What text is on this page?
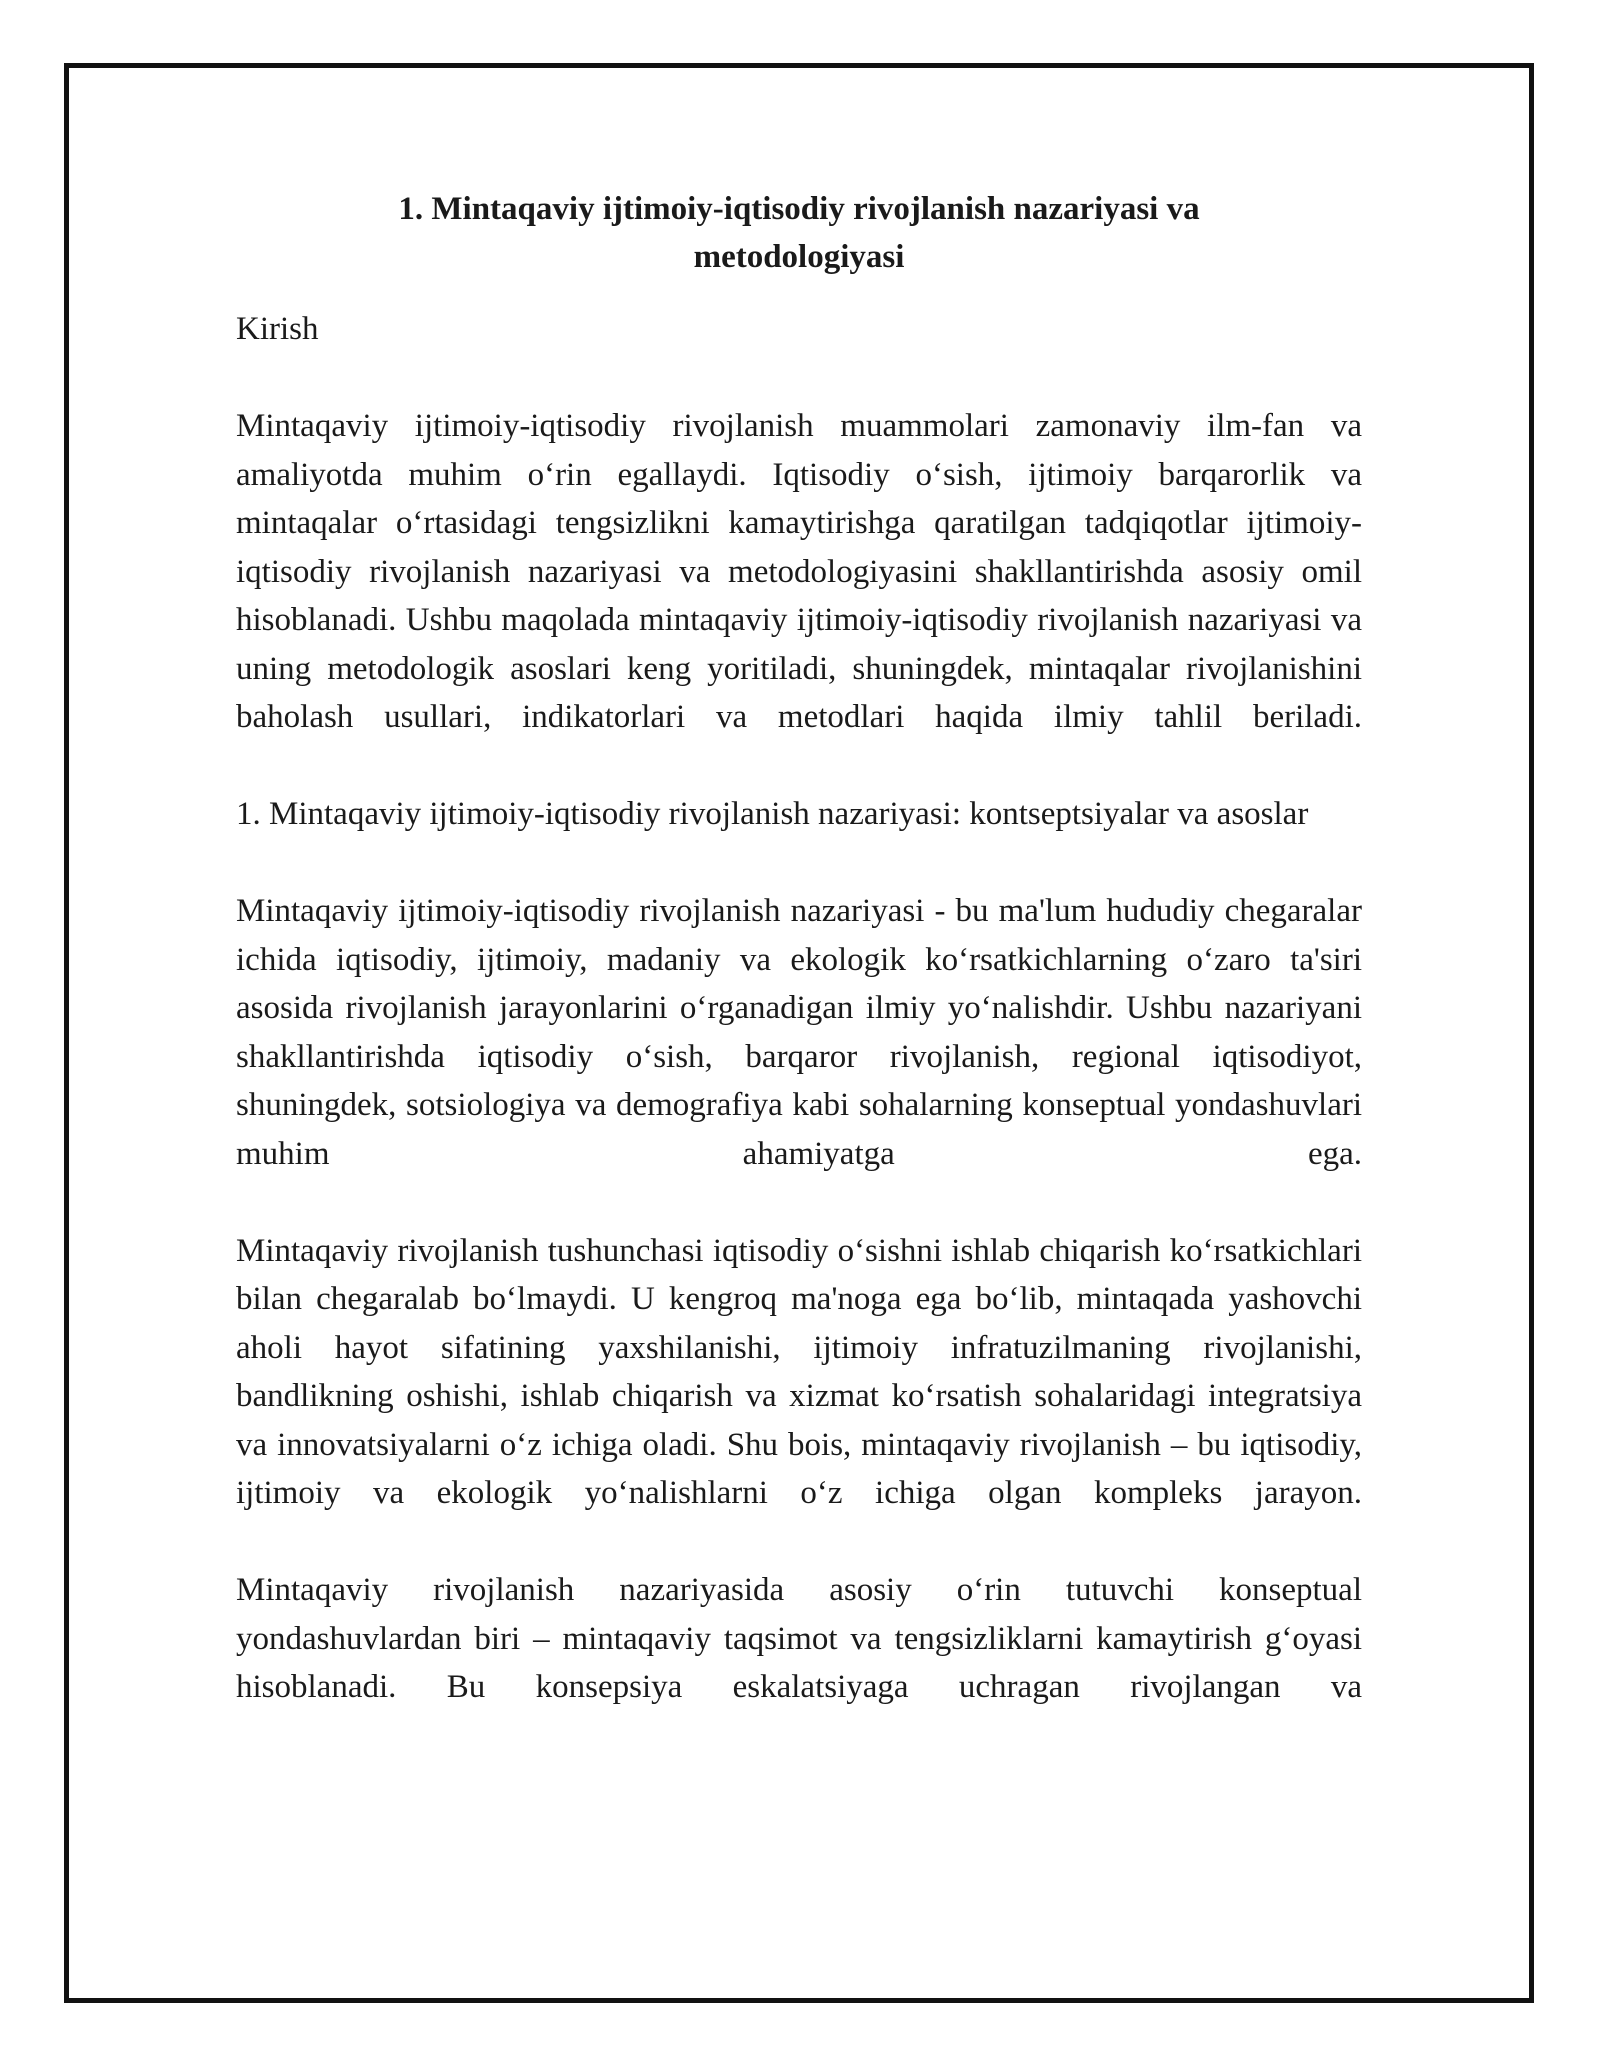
1. Mintaqaviy ijtimoiy-iqtisodiy rivojlanish nazariyasi va
metodologiyasi

Kirish

Mintaqaviy ijtimoiy-iqtisodiy rivojlanish muammolari zamonaviy ilm-fan va amaliyotda muhim o‘rin egallaydi. Iqtisodiy o‘sish, ijtimoiy barqarorlik va mintaqalar o‘rtasidagi tengsizlikni kamaytirishga qaratilgan tadqiqotlar ijtimoiy-iqtisodiy rivojlanish nazariyasi va metodologiyasini shakllantirishda asosiy omil hisoblanadi. Ushbu maqolada mintaqaviy ijtimoiy-iqtisodiy rivojlanish nazariyasi va uning metodologik asoslari keng yoritiladi, shuningdek, mintaqalar rivojlanishini baholash usullari, indikatorlari va metodlari haqida ilmiy tahlil beriladi.

1. Mintaqaviy ijtimoiy-iqtisodiy rivojlanish nazariyasi: kontseptsiyalar va asoslar

Mintaqaviy ijtimoiy-iqtisodiy rivojlanish nazariyasi - bu ma'lum hududiy chegaralar ichida iqtisodiy, ijtimoiy, madaniy va ekologik ko‘rsatkichlarning o‘zaro ta'siri asosida rivojlanish jarayonlarini o‘rganadigan ilmiy yo‘nalishdir. Ushbu nazariyani shakllantirishda iqtisodiy o‘sish, barqaror rivojlanish, regional iqtisodiyot, shuningdek, sotsiologiya va demografiya kabi sohalarning konseptual yondashuvlari muhim ahamiyatga ega.

Mintaqaviy rivojlanish tushunchasi iqtisodiy o‘sishni ishlab chiqarish ko‘rsatkichlari bilan chegaralab bo‘lmaydi. U kengroq ma'noga ega bo‘lib, mintaqada yashovchi aholi hayot sifatining yaxshilanishi, ijtimoiy infratuzilmaning rivojlanishi, bandlikning oshishi, ishlab chiqarish va xizmat ko‘rsatish sohalaridagi integratsiya va innovatsiyalarni o‘z ichiga oladi. Shu bois, mintaqaviy rivojlanish – bu iqtisodiy, ijtimoiy va ekologik yo‘nalishlarni o‘z ichiga olgan kompleks jarayon.

Mintaqaviy rivojlanish nazariyasida asosiy o‘rin tutuvchi konseptual yondashuvlardan biri – mintaqaviy taqsimot va tengsizliklarni kamaytirish g‘oyasi hisoblanadi. Bu konsepsiya eskalatsiyaga uchragan rivojlangan va
